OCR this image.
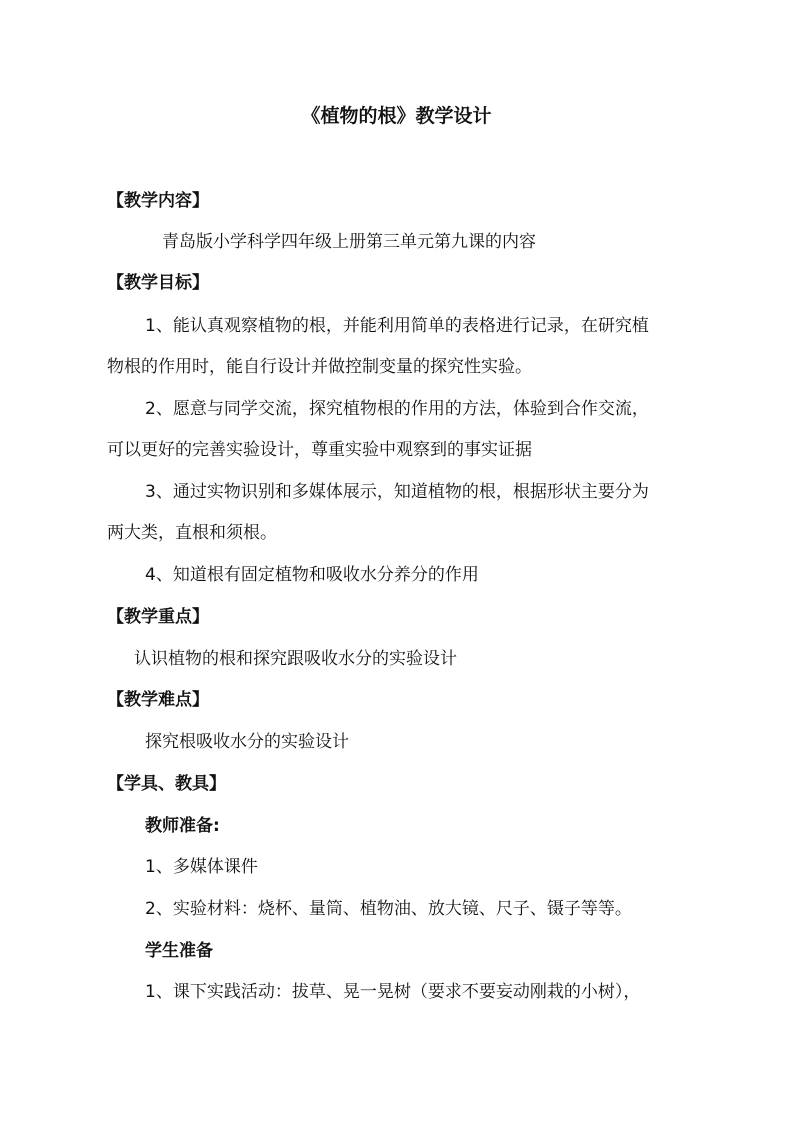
《植物的根》教学设计
【教学内容】
青岛版小学科学四年级上册第三单元第九课的内容
【教学目标】
1、能认真观察植物的根，并能利用简单的表格进行记录，在研究植
物根的作用时，能自行设计并做控制变量的探究性实验。
2、愿意与同学交流，探究植物根的作用的方法，体验到合作交流，
可以更好的完善实验设计，尊重实验中观察到的事实证据
3、通过实物识别和多媒体展示，知道植物的根，根据形状主要分为
两大类，直根和须根。
4、知道根有固定植物和吸收水分养分的作用
【教学重点】
认识植物的根和探究跟吸收水分的实验设计
【教学难点】
探究根吸收水分的实验设计
【学具、教具】
教师准备:
1、多媒体课件
2、实验材料：烧杯、量筒、植物油、放大镜、尺子、镊子等等。
学生准备
1、课下实践活动：拔草、晃一晃树（要求不要妄动刚栽的小树），
